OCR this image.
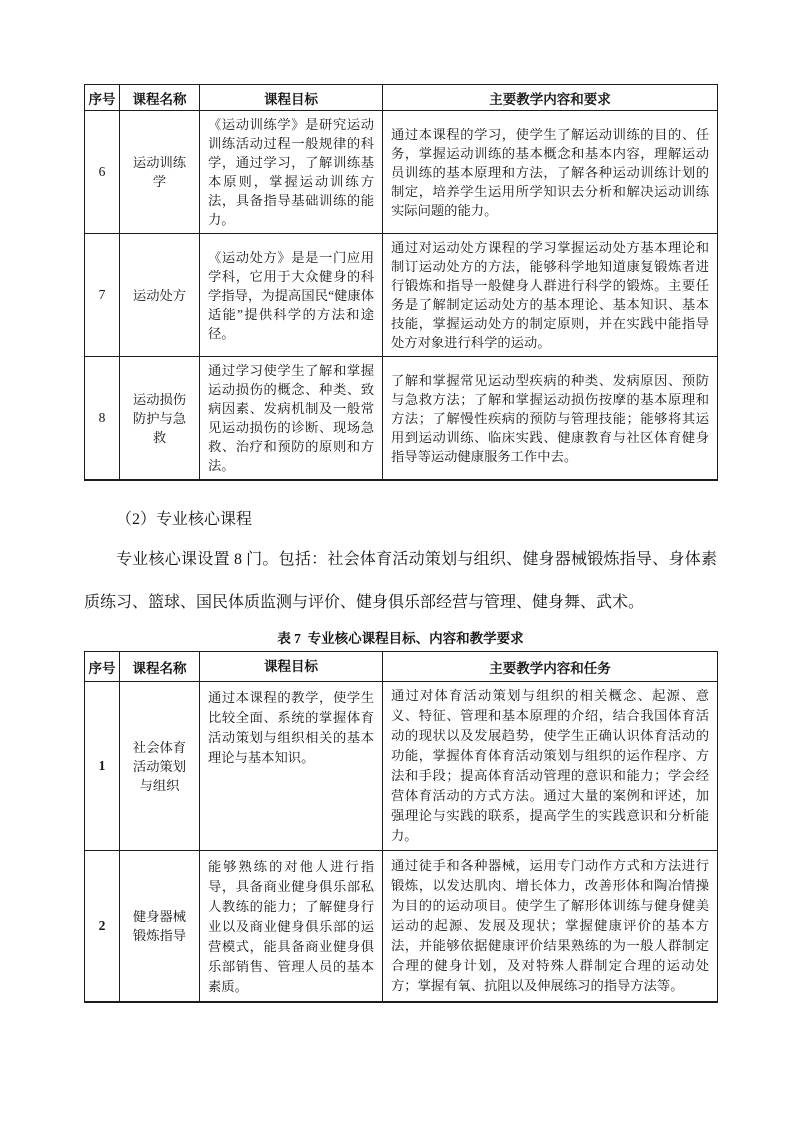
序号	课程名称	课程目标	主要教学内容和要求
6	运动训练学	《运动训练学》是研究运动训练活动过程一般规律的科学，通过学习，了解训练基本原则，掌握运动训练方法，具备指导基础训练的能力。	通过本课程的学习，使学生了解运动训练的目的、任务，掌握运动训练的基本概念和基本内容，理解运动员训练的基本原理和方法，了解各种运动训练计划的制定，培养学生运用所学知识去分析和解决运动训练实际问题的能力。
7	运动处方	《运动处方》是是一门应用学科，它用于大众健身的科学指导，为提高国民“健康体适能”提供科学的方法和途径。	通过对运动处方课程的学习掌握运动处方基本理论和制订运动处方的方法，能够科学地知道康复锻炼者进行锻炼和指导一般健身人群进行科学的锻炼。主要任务是了解制定运动处方的基本理论、基本知识、基本技能，掌握运动处方的制定原则，并在实践中能指导处方对象进行科学的运动。
8	运动损伤防护与急救	通过学习使学生了解和掌握运动损伤的概念、种类、致病因素、发病机制及一般常见运动损伤的诊断、现场急救、治疗和预防的原则和方法。	了解和掌握常见运动型疾病的种类、发病原因、预防与急救方法；了解和掌握运动损伤按摩的基本原理和方法；了解慢性疾病的预防与管理技能；能够将其运用到运动训练、临床实践、健康教育与社区体育健身指导等运动健康服务工作中去。
（2）专业核心课程
专业核心课设置 8 门。包括：社会体育活动策划与组织、健身器械锻炼指导、身体素质练习、篮球、国民体质监测与评价、健身俱乐部经营与管理、健身舞、武术。
表 7  专业核心课程目标、内容和教学要求
序号	课程名称	课程目标	主要教学内容和任务
1	社会体育活动策划与组织	通过本课程的教学，使学生比较全面、系统的掌握体育活动策划与组织相关的基本理论与基本知识。	通过对体育活动策划与组织的相关概念、起源、意义、特征、管理和基本原理的介绍，结合我国体育活动的现状以及发展趋势，使学生正确认识体育活动的功能，掌握体育体育活动策划与组织的运作程序、方法和手段；提高体育活动管理的意识和能力；学会经营体育活动的方式方法。通过大量的案例和评述，加强理论与实践的联系，提高学生的实践意识和分析能力。
2	健身器械锻炼指导	能够熟练的对他人进行指导，具备商业健身俱乐部私人教练的能力；了解健身行业以及商业健身俱乐部的运营模式，能具备商业健身俱乐部销售、管理人员的基本素质。	通过徒手和各种器械，运用专门动作方式和方法进行锻炼，以发达肌肉、增长体力，改善形体和陶冶情操为目的的运动项目。使学生了解形体训练与健身健美运动的起源、发展及现状；掌握健康评价的基本方法，并能够依据健康评价结果熟练的为一般人群制定合理的健身计划，及对特殊人群制定合理的运动处方；掌握有氧、抗阻以及伸展练习的指导方法等。
